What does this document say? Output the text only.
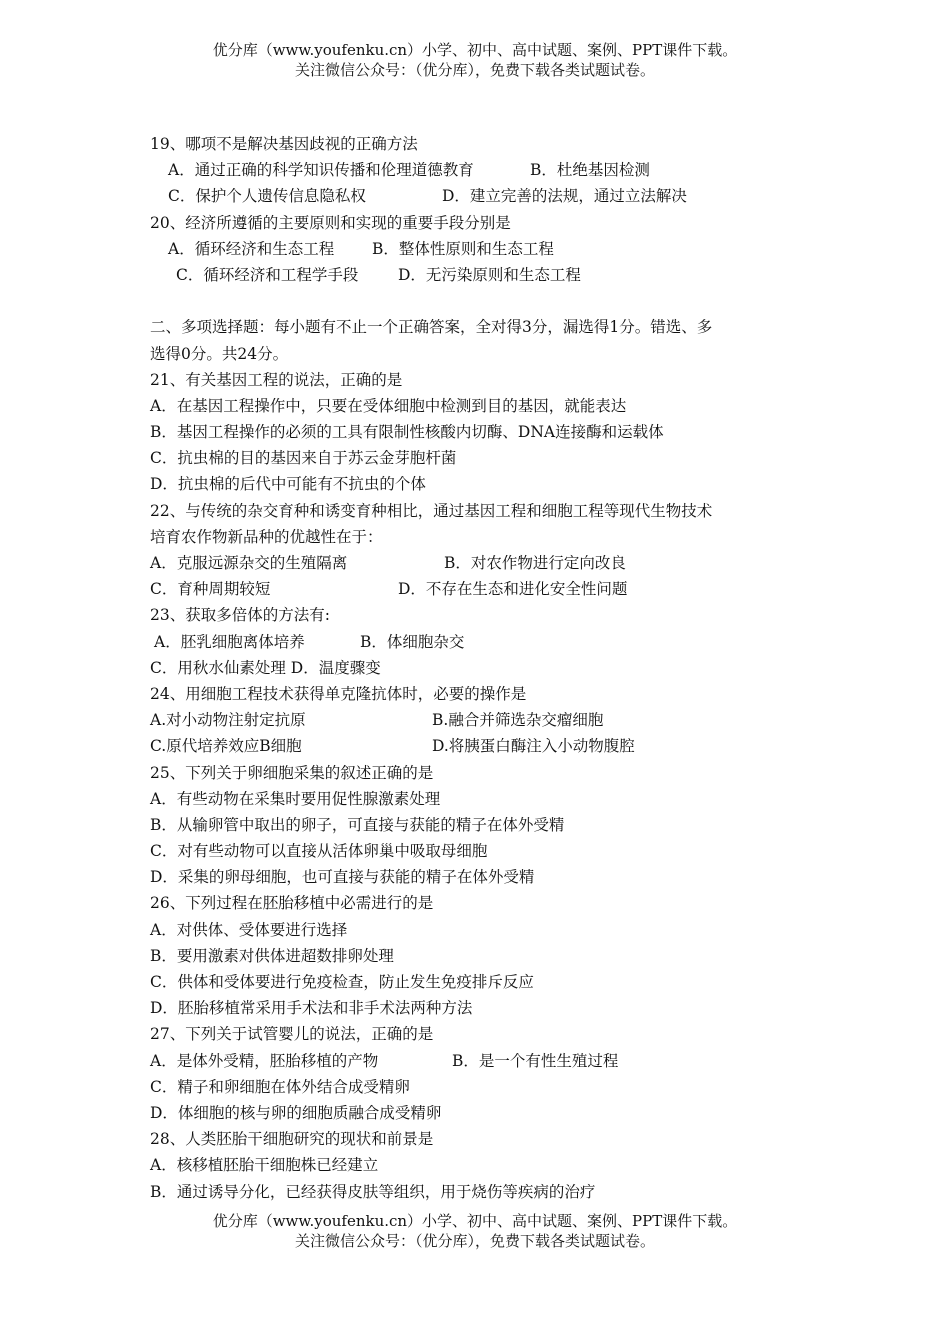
优分库（www.youfenku.cn）小学、初中、高中试题、案例、PPT课件下载。
关注微信公众号：（优分库），免费下载各类试题试卷。
19、哪项不是解决基因歧视的正确方法
A．通过正确的科学知识传播和伦理道德教育	B．杜绝基因检测
C．保护个人遗传信息隐私权	D．建立完善的法规，通过立法解决
20、经济所遵循的主要原则和实现的重要手段分别是
A．循环经济和生态工程 B．整体性原则和生态工程
C．循环经济和工程学手段	D．无污染原则和生态工程
二、多项选择题：每小题有不止一个正确答案，全对得3分，漏选得1分。错选、多
选得0分。共24分。
21、有关基因工程的说法，正确的是
A．在基因工程操作中，只要在受体细胞中检测到目的基因，就能表达
B．基因工程操作的必须的工具有限制性核酸内切酶、DNA连接酶和运载体
C．抗虫棉的目的基因来自于苏云金芽胞杆菌
D．抗虫棉的后代中可能有不抗虫的个体
22、与传统的杂交育种和诱变育种相比，通过基因工程和细胞工程等现代生物技术
培育农作物新品种的优越性在于：
A．克服远源杂交的生殖隔离	B．对农作物进行定向改良
C．育种周期较短	D．不存在生态和进化安全性问题
23、获取多倍体的方法有:
A．胚乳细胞离体培养	B．体细胞杂交
C．用秋水仙素处理 D．温度骤变
24、用细胞工程技术获得单克隆抗体时，必要的操作是
A.对小动物注射定抗原	B.融合并筛选杂交瘤细胞
C.原代培养效应B细胞	D.将胰蛋白酶注入小动物腹腔
25、下列关于卵细胞采集的叙述正确的是
A．有些动物在采集时要用促性腺激素处理
B．从输卵管中取出的卵子，可直接与获能的精子在体外受精
C．对有些动物可以直接从活体卵巢中吸取母细胞
D．采集的卵母细胞，也可直接与获能的精子在体外受精
26、下列过程在胚胎移植中必需进行的是
A．对供体、受体要进行选择
B．要用激素对供体进超数排卵处理
C．供体和受体要进行免疫检查，防止发生免疫排斥反应
D．胚胎移植常采用手术法和非手术法两种方法
27、下列关于试管婴儿的说法，正确的是
A．是体外受精，胚胎移植的产物	B．是一个有性生殖过程
C．精子和卵细胞在体外结合成受精卵
D．体细胞的核与卵的细胞质融合成受精卵
28、人类胚胎干细胞研究的现状和前景是
A．核移植胚胎干细胞株已经建立
B．通过诱导分化，已经获得皮肤等组织，用于烧伤等疾病的治疗
优分库（www.youfenku.cn）小学、初中、高中试题、案例、PPT课件下载。
关注微信公众号：（优分库），免费下载各类试题试卷。
